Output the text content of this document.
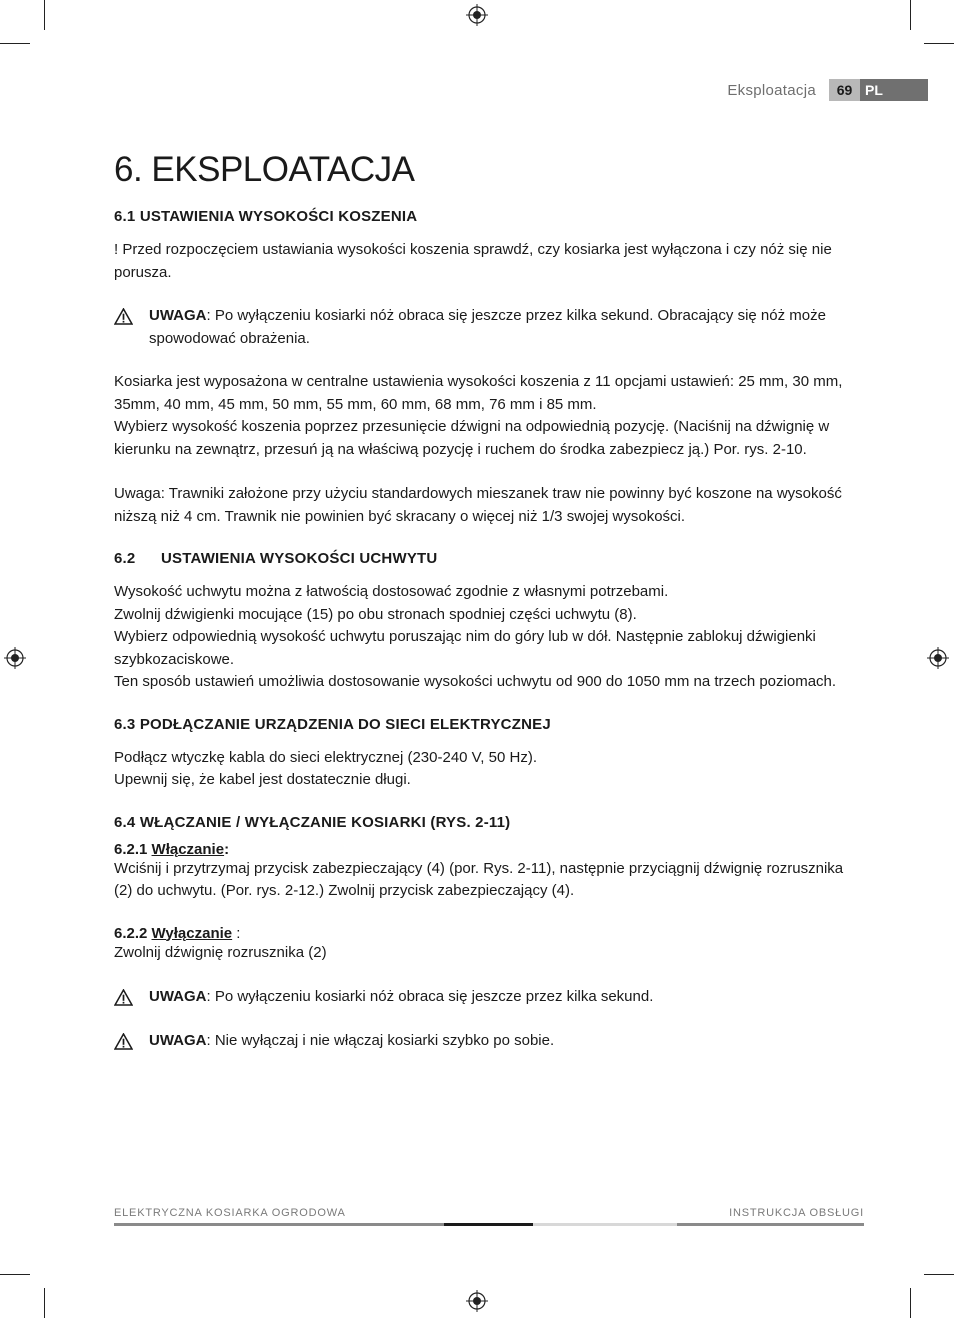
Eksploatacja	69 PL
6. EKSPLOATACJA
6.1 USTAWIENIA WYSOKOŚCI KOSZENIA

! Przed rozpoczęciem ustawiania wysokości koszenia sprawdź, czy kosiarka jest wyłączona i czy nóż się nie porusza.

UWAGA: Po wyłączeniu kosiarki nóż obraca się jeszcze przez kilka sekund. Obracający się nóż może spowodować obrażenia.

Kosiarka jest wyposażona w centralne ustawienia wysokości koszenia z 11 opcjami ustawień: 25 mm, 30 mm, 35mm, 40 mm, 45 mm, 50 mm, 55 mm, 60 mm, 68 mm, 76 mm i 85 mm.

Wybierz wysokość koszenia poprzez przesunięcie dźwigni na odpowiednią pozycję. (Naciśnij na dźwignię w kierunku na zewnątrz, przesuń ją na właściwą pozycję i ruchem do środka zabezpiecz ją.) Por. rys. 2-10.

Uwaga: Trawniki założone przy użyciu standardowych mieszanek traw nie powinny być koszone na wysokość niższą niż 4 cm. Trawnik nie powinien być skracany o więcej niż 1/3 swojej wysokości.

6.2 USTAWIENIA WYSOKOŚCI UCHWYTU

Wysokość uchwytu można z łatwością dostosować zgodnie z własnymi potrzebami.

Zwolnij dźwigienki mocujące (15) po obu stronach spodniej części uchwytu (8).

Wybierz odpowiednią wysokość uchwytu poruszając nim do góry lub w dół. Następnie zablokuj dźwigienki szybkozaciskowe.

Ten sposób ustawień umożliwia dostosowanie wysokości uchwytu od 900 do 1050 mm na trzech poziomach.

6.3 PODŁĄCZANIE URZĄDZENIA DO SIECI ELEKTRYCZNEJ

Podłącz wtyczkę kabla do sieci elektrycznej (230-240 V, 50 Hz).

Upewnij się, że kabel jest dostatecznie długi.

6.4 WŁĄCZANIE / WYŁĄCZANIE KOSIARKI (RYS. 2-11)
6.2.1 Włączanie:

Wciśnij i przytrzymaj przycisk zabezpieczający (4) (por. Rys. 2-11), następnie przyciągnij dźwignię rozrusznika (2) do uchwytu. (Por. rys. 2-12.) Zwolnij przycisk zabezpieczający (4).

6.2.2 Wyłączanie :

Zwolnij dźwignię rozrusznika (2)

UWAGA: Po wyłączeniu kosiarki nóż obraca się jeszcze przez kilka sekund.
UWAGA: Nie wyłączaj i nie włączaj kosiarki szybko po sobie.
ELEKTRYCZNA KOSIARKA OGRODOWA	INSTRUKCJA OBSŁUGI
